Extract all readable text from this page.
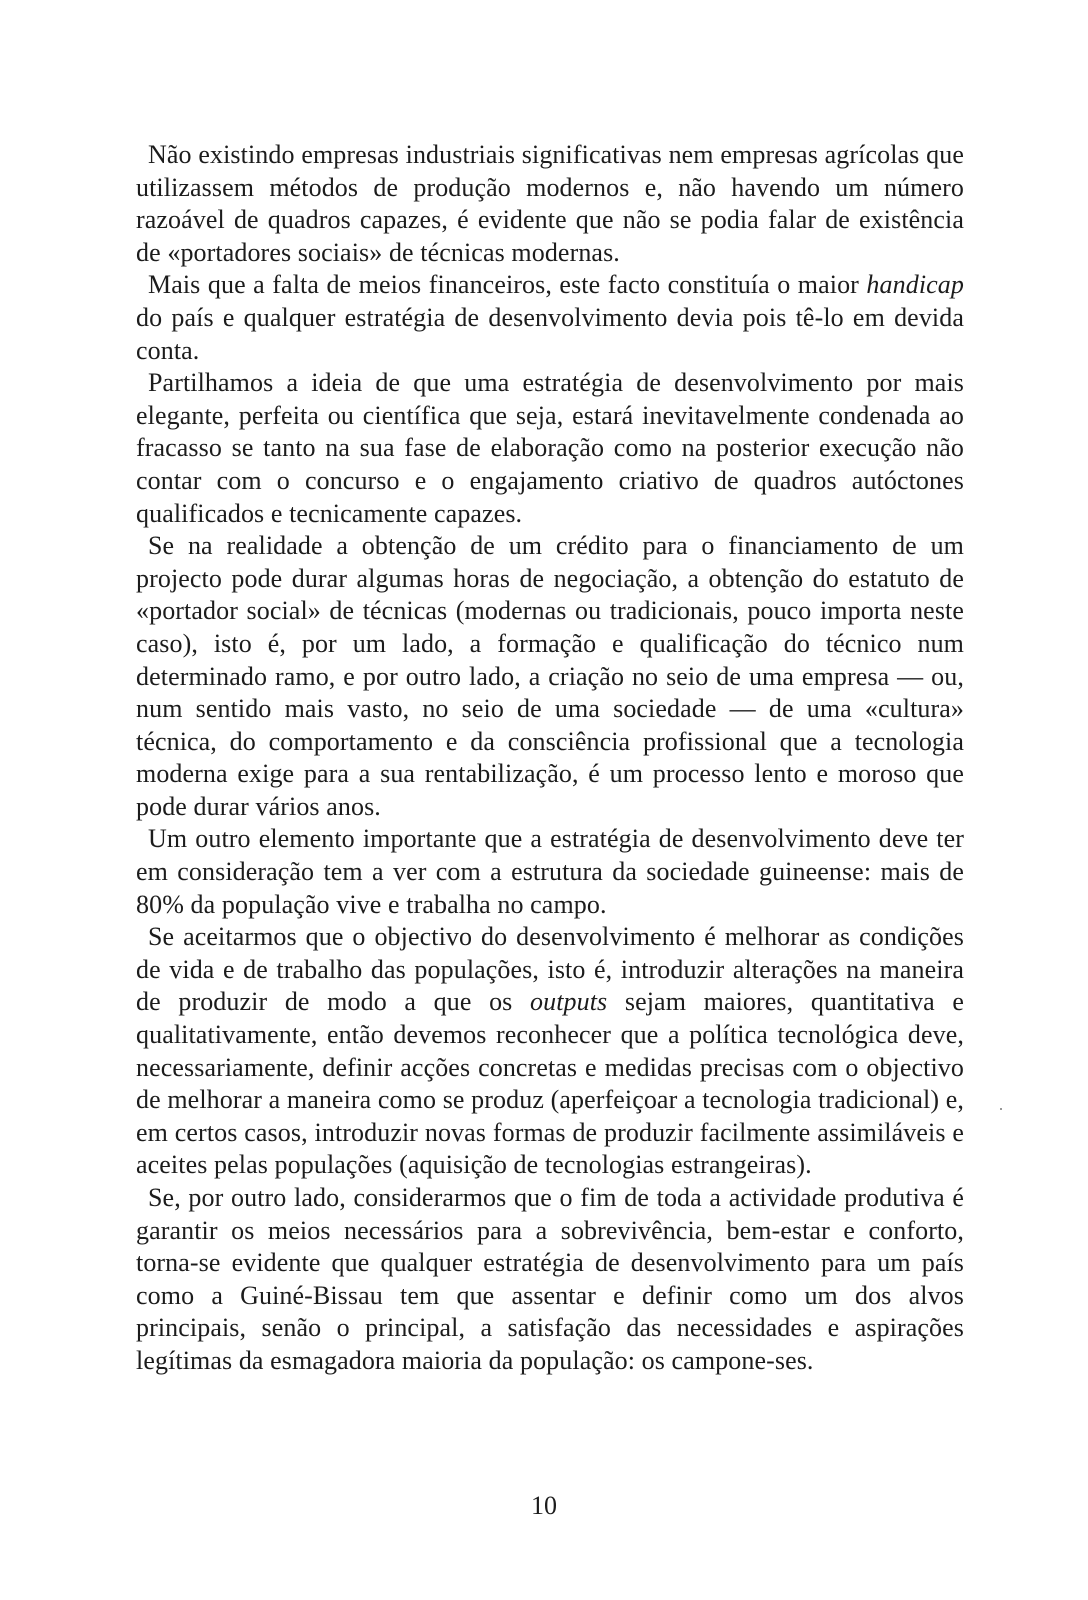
Não existindo empresas industriais significativas nem empresas agrícolas que utilizassem métodos de produção modernos e, não havendo um número razoável de quadros capazes, é evidente que não se podia falar de existência de «portadores sociais» de técnicas modernas.

Mais que a falta de meios financeiros, este facto constituía o maior handicap do país e qualquer estratégia de desenvolvimento devia pois tê-lo em devida conta.

Partilhamos a ideia de que uma estratégia de desenvolvimento por mais elegante, perfeita ou científica que seja, estará inevitavelmente condenada ao fracasso se tanto na sua fase de elaboração como na posterior execução não contar com o concurso e o engajamento criativo de quadros autóctones qualificados e tecnicamente capazes.

Se na realidade a obtenção de um crédito para o financiamento de um projecto pode durar algumas horas de negociação, a obtenção do estatuto de «portador social» de técnicas (modernas ou tradicionais, pouco importa neste caso), isto é, por um lado, a formação e qualificação do técnico num determinado ramo, e por outro lado, a criação no seio de uma empresa — ou, num sentido mais vasto, no seio de uma sociedade — de uma «cultura» técnica, do comportamento e da consciência profissional que a tecnologia moderna exige para a sua rentabilização, é um processo lento e moroso que pode durar vários anos.

Um outro elemento importante que a estratégia de desenvolvimento deve ter em consideração tem a ver com a estrutura da sociedade guineense: mais de 80% da população vive e trabalha no campo.

Se aceitarmos que o objectivo do desenvolvimento é melhorar as condições de vida e de trabalho das populações, isto é, introduzir alterações na maneira de produzir de modo a que os outputs sejam maiores, quantitativa e qualitativamente, então devemos reconhecer que a política tecnológica deve, necessariamente, definir acções concretas e medidas precisas com o objectivo de melhorar a maneira como se produz (aperfeiçoar a tecnologia tradicional) e, em certos casos, introduzir novas formas de produzir facilmente assimiláveis e aceites pelas populações (aquisição de tecnologias estrangeiras).

Se, por outro lado, considerarmos que o fim de toda a actividade produtiva é garantir os meios necessários para a sobrevivência, bem-estar e conforto, torna-se evidente que qualquer estratégia de desenvolvimento para um país como a Guiné-Bissau tem que assentar e definir como um dos alvos principais, senão o principal, a satisfação das necessidades e aspirações legítimas da esmagadora maioria da população: os campone-ses.

10
